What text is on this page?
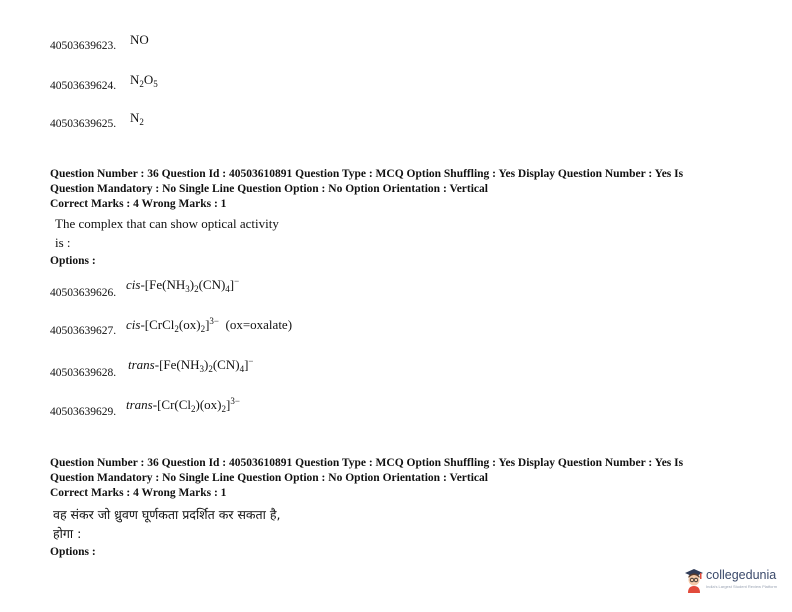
40503639623. NO
40503639624. $N_2O_5$
40503639625. $N_2$
Question Number : 36 Question Id : 40503610891 Question Type : MCQ Option Shuffling : Yes Display Question Number : Yes Is
Question Mandatory : No Single Line Question Option : No Option Orientation : Vertical
Correct Marks : 4 Wrong Marks : 1
The complex that can show optical activity
is :
Options :
40503639626.
cis-$[Fe(NH_3)_2(CN)_4]^-$
40503639627. cis-$[CrCl_2(ox)_2]^{3-}$  (ox=oxalate)
40503639628.
trans-$[Fe(NH_3)_2(CN)_4]^-$
40503639629. trans-$[Cr(Cl_2)(ox)_2]^{3-}$
Question Number : 36 Question Id : 40503610891 Question Type : MCQ Option Shuffling : Yes Display Question Number : Yes Is
Question Mandatory : No Single Line Question Option : No Option Orientation : Vertical
Correct Marks : 4 Wrong Marks : 1
वह संकर जो ध्रुवण घूर्णकता प्रदर्शित कर सकता है,
होगा :
Options :
collegedunia
India's Largest Student Review Platform
